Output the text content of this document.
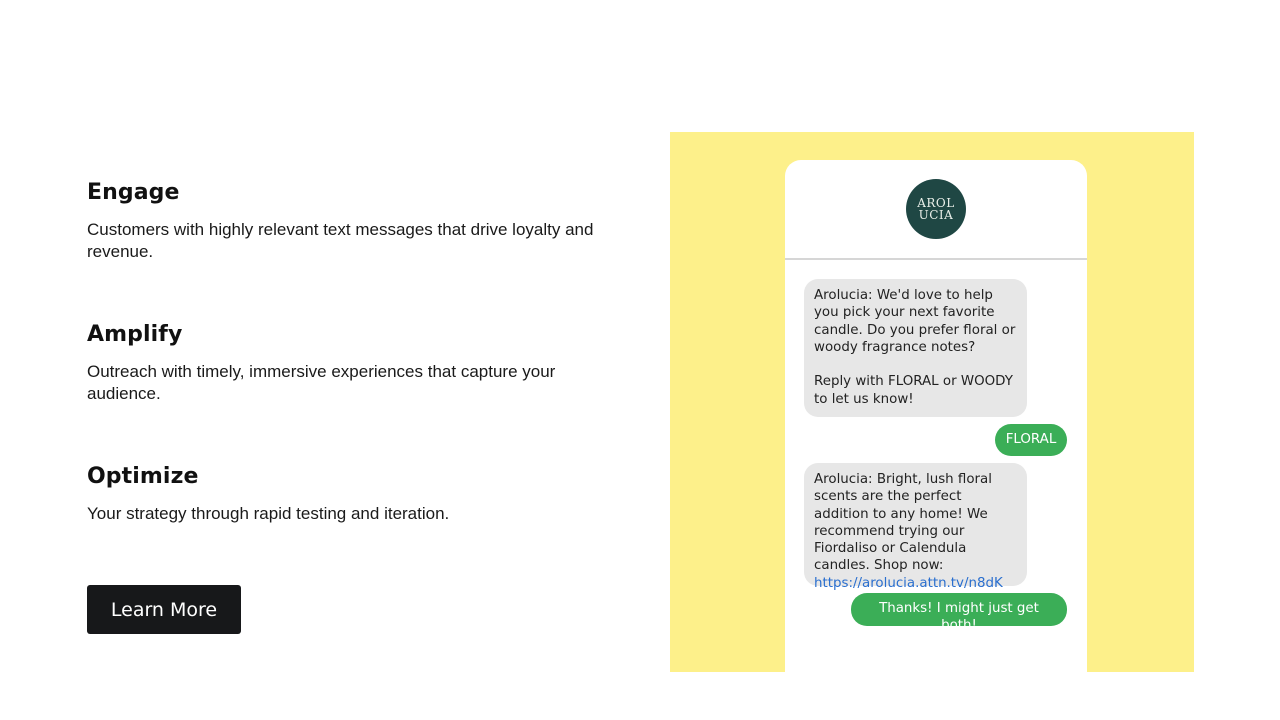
Engage

Customers with highly relevant text messages that drive loyalty and revenue.

Amplify

Outreach with timely, immersive experiences that capture your audience.

Optimize

Your strategy through rapid testing and iteration.

Learn More
AROL
UCIA
Arolucia: We'd love to help you pick your next favorite candle. Do you prefer floral or woody fragrance notes?

Reply with FLORAL or WOODY to let us know!
FLORAL
Arolucia: Bright, lush floral scents are the perfect addition to any home! We recommend trying our Fiordaliso or Calendula candles. Shop now:
https://arolucia.attn.tv/n8dK
Thanks! I might just get both!
